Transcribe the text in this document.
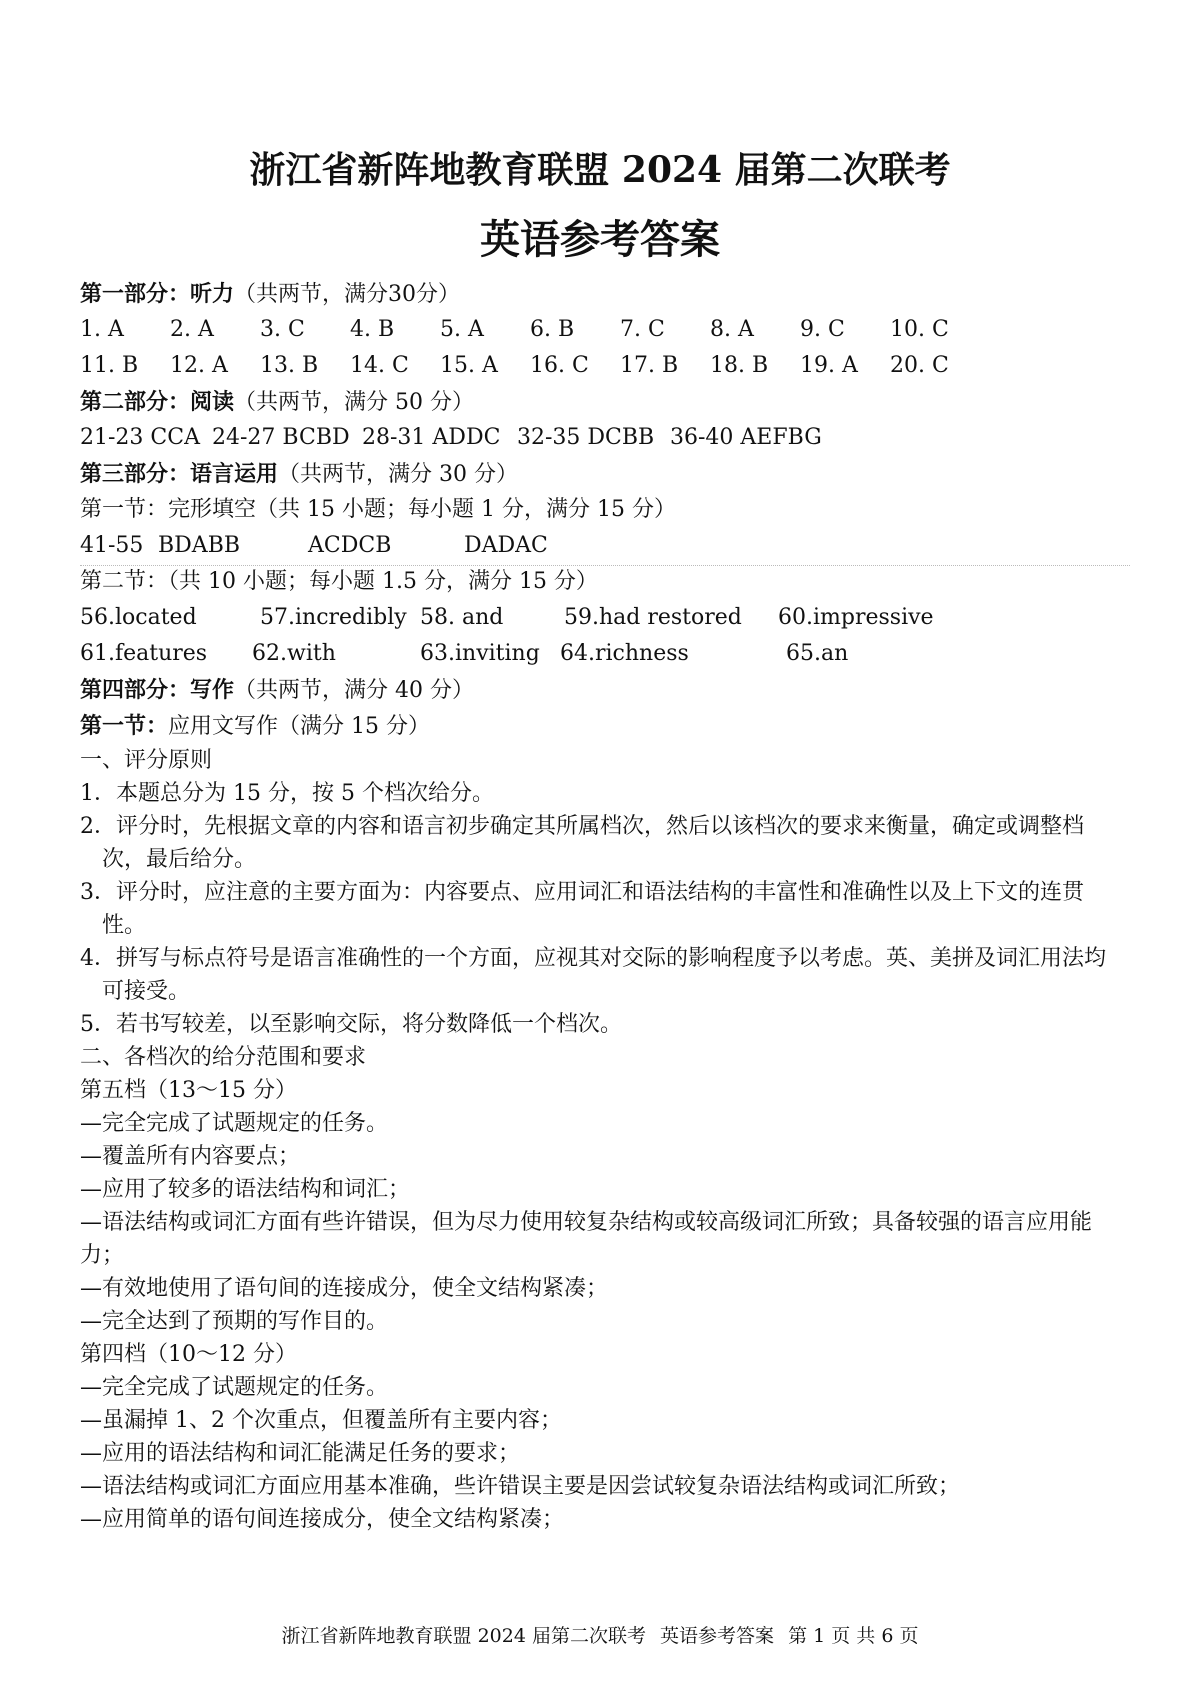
浙江省新阵地教育联盟 2024 届第二次联考
英语参考答案
第一部分：听力（共两节，满分30分）
1. A 2. A 3. C 4. B 5. A 6. B 7. C 8. A 9. C 10. C
11. B 12. A 13. B 14. C 15. A 16. C 17. B 18. B 19. A 20. C
第二部分：阅读（共两节，满分 50 分）
21-23 CCA 24-27 BCBD 28-31 ADDC 32-35 DCBB 36-40 AEFBG
第三部分：语言运用（共两节，满分 30 分）
第一节：完形填空（共 15 小题；每小题 1 分，满分 15 分）
41-55 BDABB	ACDCB	DADAC
第二节：（共 10 小题；每小题 1.5 分，满分 15 分）
56.located	57.incredibly 58. and	59.had restored 60.impressive
61.features 62.with	63.inviting 64.richness	65.an
第四部分：写作（共两节，满分 40 分）
第一节：应用文写作（满分 15 分）
一、评分原则
1．本题总分为 15 分，按 5 个档次给分。
2．评分时，先根据文章的内容和语言初步确定其所属档次，然后以该档次的要求来衡量，确定或调整档次，最后给分。
3．评分时，应注意的主要方面为：内容要点、应用词汇和语法结构的丰富性和准确性以及上下文的连贯性。
4．拼写与标点符号是语言准确性的一个方面，应视其对交际的影响程度予以考虑。英、美拼及词汇用法均可接受。
5．若书写较差，以至影响交际，将分数降低一个档次。
二、各档次的给分范围和要求
第五档（13～15 分）
—完全完成了试题规定的任务。
—覆盖所有内容要点；
—应用了较多的语法结构和词汇；
—语法结构或词汇方面有些许错误，但为尽力使用较复杂结构或较高级词汇所致；具备较强的语言应用能力；
—有效地使用了语句间的连接成分，使全文结构紧凑；
—完全达到了预期的写作目的。
第四档（10～12 分）
—完全完成了试题规定的任务。
—虽漏掉 1、2 个次重点，但覆盖所有主要内容；
—应用的语法结构和词汇能满足任务的要求；
—语法结构或词汇方面应用基本准确，些许错误主要是因尝试较复杂语法结构或词汇所致；
—应用简单的语句间连接成分，使全文结构紧凑；
浙江省新阵地教育联盟 2024 届第二次联考 英语参考答案 第 1 页 共 6 页
